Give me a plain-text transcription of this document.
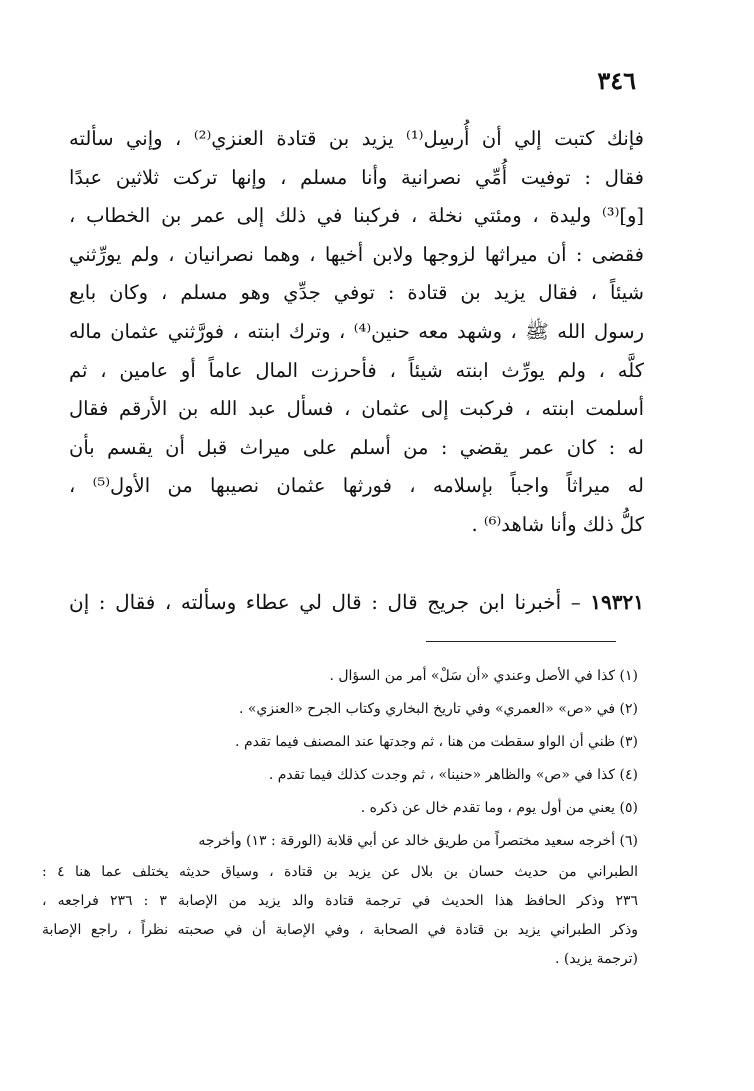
٣٤٦
فإنك كتبت إلي أن أُرسِل⁽¹⁾ يزيد بن قتادة العنزي⁽²⁾ ، وإني سألته
فقال : توفيت أُمِّي نصرانية وأنا مسلم ، وإنها تركت ثلاثين عبدًا
[و]⁽³⁾ وليدة ، ومئتي نخلة ، فركبنا في ذلك إلى عمر بن الخطاب ،
فقضى : أن ميراثها لزوجها ولابن أخيها ، وهما نصرانيان ، ولم يورِّثني
شيئاً ، فقال يزيد بن قتادة : توفي جدِّي وهو مسلم ، وكان بايع
رسول الله ﷺ ، وشهد معه حنين⁽⁴⁾ ، وترك ابنته ، فورَّثني عثمان ماله
كلَّه ، ولم يورِّث ابنته شيئاً ، فأحرزت المال عاماً أو عامين ، ثم
أسلمت ابنته ، فركبت إلى عثمان ، فسأل عبد الله بن الأرقم فقال
له : كان عمر يقضي : من أسلم على ميراث قبل أن يقسم بأن
له ميراثاً واجباً بإسلامه ، فورثها عثمان نصيبها من الأول⁽⁵⁾ ،
كلُّ ذلك وأنا شاهد⁽⁶⁾ .
١٩٣٢١ – أخبرنا ابن جريج قال : قال لي عطاء وسألته ، فقال : إن
(١) كذا في الأصل وعندي «أن سَلْ» أمر من السؤال .
(٢) في «ص» «العمري» وفي تاريخ البخاري وكتاب الجرح «العنزي» .
(٣) ظني أن الواو سقطت من هنا ، ثم وجدتها عند المصنف فيما تقدم .
(٤) كذا في «ص» والظاهر «حنينا» ، ثم وجدت كذلك فيما تقدم .
(٥) يعني من أول يوم ، وما تقدم خال عن ذكره .
(٦) أخرجه سعيد مختصراً من طريق خالد عن أبي قلابة (الورقة : ١٣) وأخرجه
الطبراني من حديث حسان بن بلال عن يزيد بن قتادة ، وسياق حديثه يختلف عما هنا ٤ :
٢٣٦ وذكر الحافظ هذا الحديث في ترجمة قتادة والد يزيد من الإصابة ٣ : ٢٣٦ فراجعه ،
وذكر الطبراني يزيد بن قتادة في الصحابة ، وفي الإصابة أن في صحبته نظراً ، راجع الإصابة
(ترجمة يزيد) .
